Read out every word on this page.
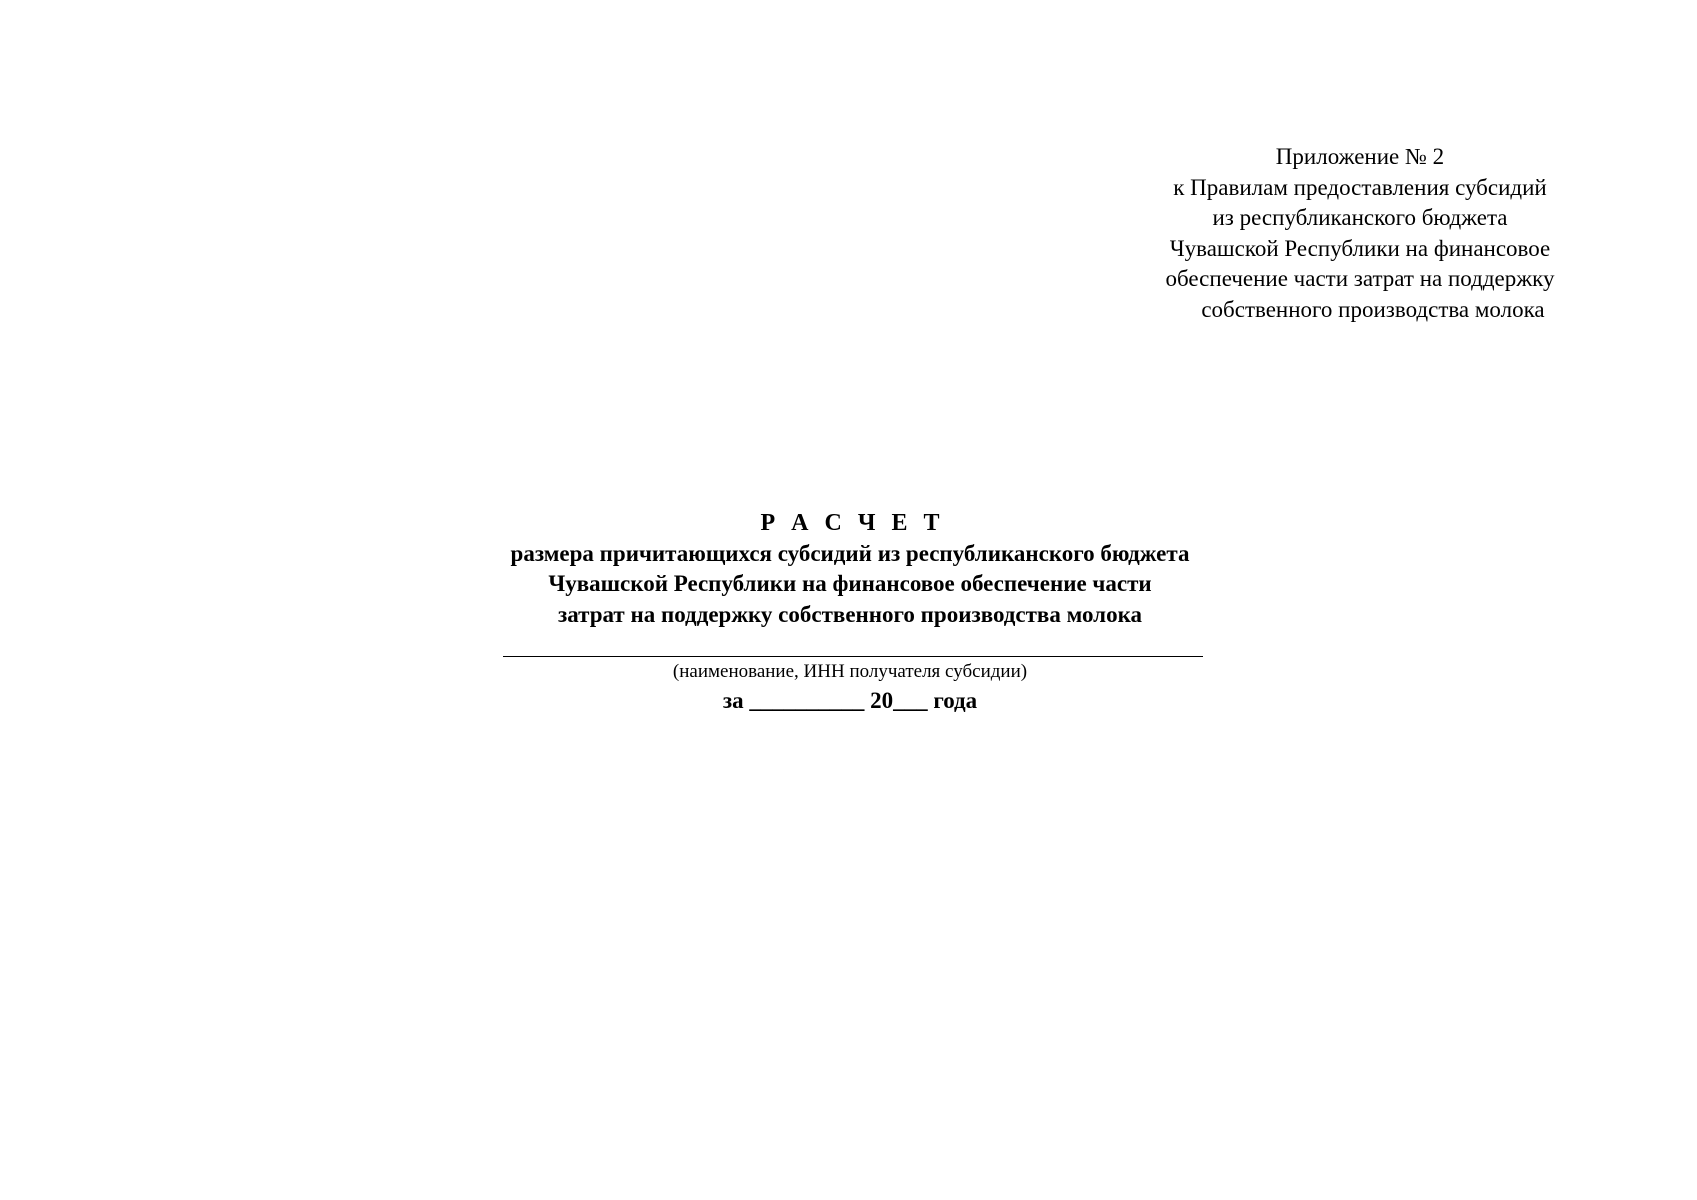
Приложение № 2
к Правилам предоставления субсидий
из республиканского бюджета
Чувашской Республики на финансовое
обеспечение части затрат на поддержку
собственного производства молока
Р А С Ч Е Т
размера причитающихся субсидий из республиканского бюджета
Чувашской Республики на финансовое обеспечение части
затрат на поддержку собственного производства молока
(наименование, ИНН получателя субсидии)
за __________ 20___ года
